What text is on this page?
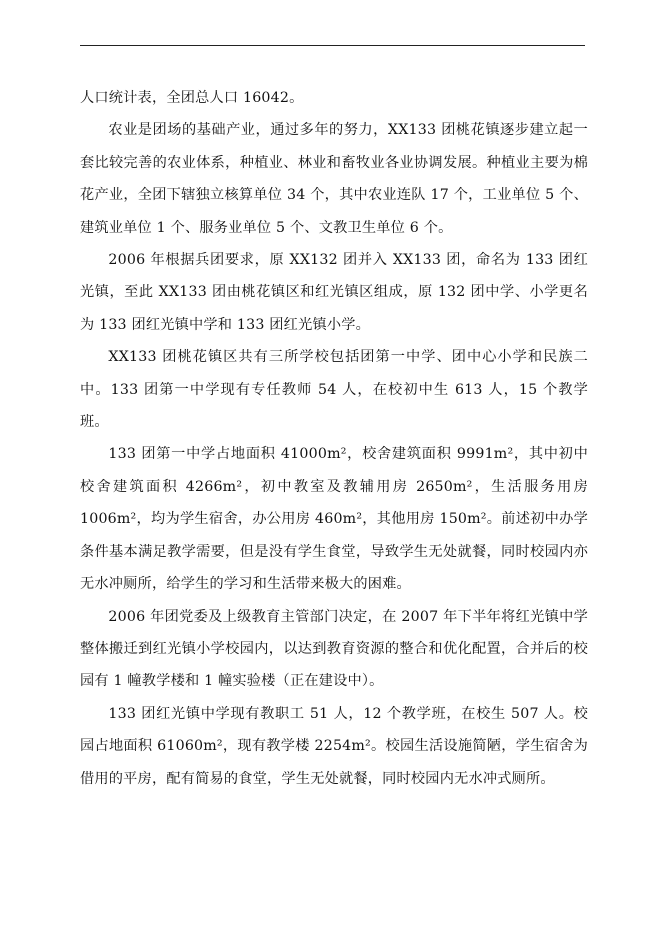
人口统计表，全团总人口 16042。

农业是团场的基础产业，通过多年的努力，XX133 团桃花镇逐步建立起一套比较完善的农业体系，种植业、林业和畜牧业各业协调发展。种植业主要为棉花产业，全团下辖独立核算单位 34 个，其中农业连队 17 个，工业单位 5 个、建筑业单位 1 个、服务业单位 5 个、文教卫生单位 6 个。

2006 年根据兵团要求，原 XX132 团并入 XX133 团，命名为 133 团红光镇，至此 XX133 团由桃花镇区和红光镇区组成，原 132 团中学、小学更名为 133 团红光镇中学和 133 团红光镇小学。

XX133 团桃花镇区共有三所学校包括团第一中学、团中心小学和民族二中。133 团第一中学现有专任教师 54 人，在校初中生 613 人，15 个教学班。

133 团第一中学占地面积 41000m²，校舍建筑面积 9991m²，其中初中校舍建筑面积 4266m²，初中教室及教辅用房 2650m²，生活服务用房 1006m²，均为学生宿舍，办公用房 460m²，其他用房 150m²。前述初中办学条件基本满足教学需要，但是没有学生食堂，导致学生无处就餐，同时校园内亦无水冲厕所，给学生的学习和生活带来极大的困难。

2006 年团党委及上级教育主管部门决定，在 2007 年下半年将红光镇中学整体搬迁到红光镇小学校园内，以达到教育资源的整合和优化配置，合并后的校园有 1 幢教学楼和 1 幢实验楼（正在建设中）。

133 团红光镇中学现有教职工 51 人，12 个教学班，在校生 507 人。校园占地面积 61060m²，现有教学楼 2254m²。校园生活设施简陋，学生宿舍为借用的平房，配有简易的食堂，学生无处就餐，同时校园内无水冲式厕所。
